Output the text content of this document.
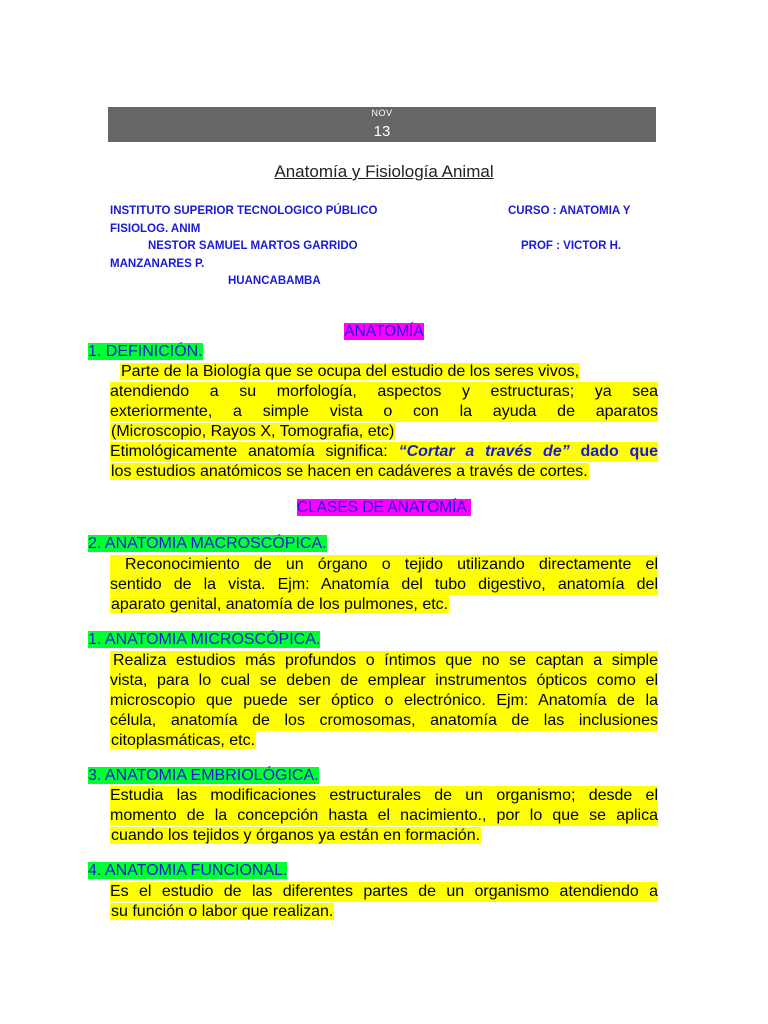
NOV
13
Anatomía y Fisiología Animal
INSTITUTO SUPERIOR TECNOLOGICO PÚBLICO	CURSO : ANATOMIA Y
FISIOLOG. ANIM
NESTOR SAMUEL MARTOS GARRIDO	PROF : VICTOR H.
MANZANARES P.
HUANCABAMBA
ANATOMÍA
1. DEFINICIÓN.
Parte de la Biología que se ocupa del estudio de los seres vivos,
atendiendo a su morfología, aspectos y estructuras; ya sea
exteriormente, a simple vista o con la ayuda de aparatos
(Microscopio, Rayos X, Tomografia, etc)
Etimológicamente anatomía significa: “Cortar a través de” dado que
los estudios anatómicos se hacen en cadáveres a través de cortes.
CLASES DE ANATOMÍA.
2. ANATOMIA MACROSCÓPICA.
Reconocimiento de un órgano o tejido utilizando directamente el
sentido de la vista. Ejm: Anatomía del tubo digestivo, anatomía del
aparato genital, anatomía de los pulmones, etc.
1. ANATOMIA MICROSCÓPICA.
Realiza estudios más profundos o íntimos que no se captan a simple
vista, para lo cual se deben de emplear instrumentos ópticos como el
microscopio que puede ser óptico o electrónico. Ejm: Anatomía de la
célula, anatomía de los cromosomas, anatomía de las inclusiones
citoplasmáticas, etc.
3. ANATOMIA EMBRIOLÓGICA.
Estudia las modificaciones estructurales de un organismo; desde el
momento de la concepción hasta el nacimiento., por lo que se aplica
cuando los tejidos y órganos ya están en formación.
4. ANATOMIA FUNCIONAL.
Es el estudio de las diferentes partes de un organismo atendiendo a
su función o labor que realizan.
